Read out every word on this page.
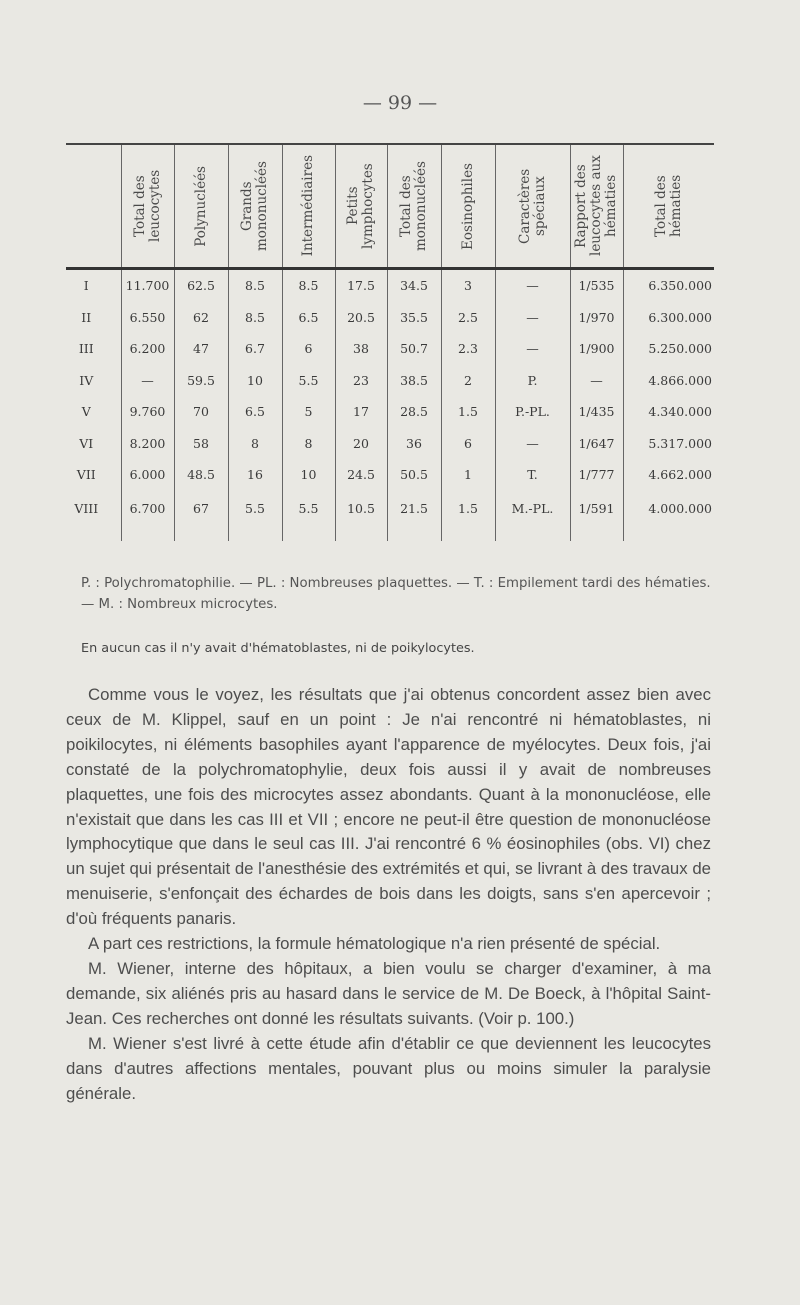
— 99 —

	Total des leucocytes	Polynucléés	Grands mononucléés	Intermédiaires	Petits lymphocytes	Total des mononucléés	Eosinophiles	Caractères spéciaux	Rapport des leucocytes aux hématies	Total des hématies

I	11.700	62.5	8.5	8.5	17.5	34.5	3	—	1/535	6.350.000
II	6.550	62	8.5	6.5	20.5	35.5	2.5	—	1/970	6.300.000
III	6.200	47	6.7	6	38	50.7	2.3	—	1/900	5.250.000
IV	—	59.5	10	5.5	23	38.5	2	P.	—	4.866.000
V	9.760	70	6.5	5	17	28.5	1.5	P.-PL.	1/435	4.340.000
VI	8.200	58	8	8	20	36	6	—	1/647	5.317.000
VII	6.000	48.5	16	10	24.5	50.5	1	T.	1/777	4.662.000
VIII	6.700	67	5.5	5.5	10.5	21.5	1.5	M.-PL.	1/591	4.000.000
P. : Polychromatophilie. — PL. : Nombreuses plaquettes. — T. : Empilement tardi des hématies. — M. : Nombreux microcytes.
En aucun cas il n'y avait d'hématoblastes, ni de poikylocytes.

Comme vous le voyez, les résultats que j'ai obtenus concordent assez bien avec ceux de M. Klippel, sauf en un point : Je n'ai rencontré ni hématoblastes, ni poikilocytes, ni éléments basophiles ayant l'apparence de myélocytes. Deux fois, j'ai constaté de la polychromatophylie, deux fois aussi il y avait de nombreuses plaquettes, une fois des microcytes assez abondants. Quant à la mononucléose, elle n'existait que dans les cas III et VII ; encore ne peut-il être question de mononucléose lymphocytique que dans le seul cas III. J'ai rencontré 6 % éosinophiles (obs. VI) chez un sujet qui présentait de l'anesthésie des extrémités et qui, se livrant à des travaux de menuiserie, s'enfonçait des échardes de bois dans les doigts, sans s'en apercevoir ; d'où fréquents panaris.

A part ces restrictions, la formule hématologique n'a rien présenté de spécial.

M. Wiener, interne des hôpitaux, a bien voulu se charger d'examiner, à ma demande, six aliénés pris au hasard dans le service de M. De Boeck, à l'hôpital Saint-Jean. Ces recherches ont donné les résultats suivants. (Voir p. 100.)

M. Wiener s'est livré à cette étude afin d'établir ce que deviennent les leucocytes dans d'autres affections mentales, pouvant plus ou moins simuler la paralysie générale.
